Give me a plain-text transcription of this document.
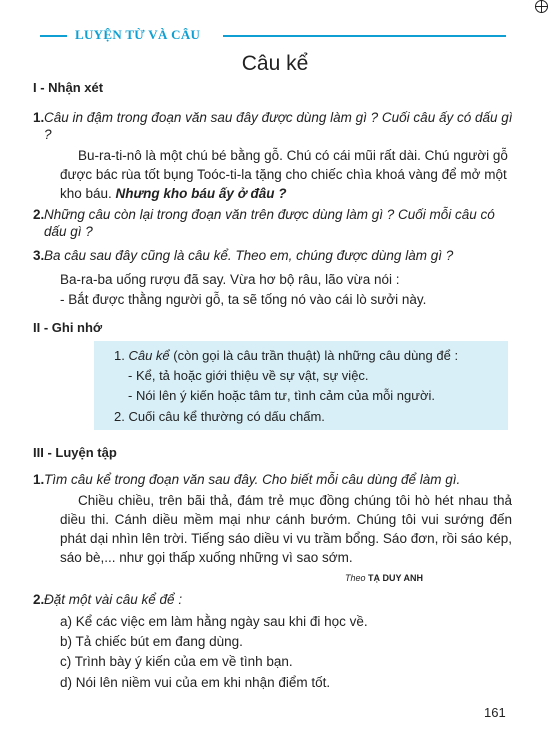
LUYỆN TỪ VÀ CÂU
Câu kể
I - Nhận xét
1. Câu in đậm trong đoạn văn sau đây được dùng làm gì ? Cuối câu ấy có dấu gì ?
Bu-ra-ti-nô là một chú bé bằng gỗ. Chú có cái mũi rất dài. Chú người gỗ được bác rùa tốt bụng Toóc-ti-la tặng cho chiếc chìa khoá vàng để mở một kho báu. Nhưng kho báu ấy ở đâu ?
2. Những câu còn lại trong đoạn văn trên được dùng làm gì ? Cuối mỗi câu có dấu gì ?
3. Ba câu sau đây cũng là câu kể. Theo em, chúng được dùng làm gì ?
Ba-ra-ba uống rượu đã say. Vừa hơ bộ râu, lão vừa nói :
- Bắt được thằng người gỗ, ta sẽ tống nó vào cái lò sưởi này.
II - Ghi nhớ
1. Câu kể (còn gọi là câu trần thuật) là những câu dùng để :
- Kể, tả hoặc giới thiệu về sự vật, sự việc.
- Nói lên ý kiến hoặc tâm tư, tình cảm của mỗi người.
2. Cuối câu kể thường có dấu chấm.
III - Luyện tập
1. Tìm câu kể trong đoạn văn sau đây. Cho biết mỗi câu dùng để làm gì.
Chiều chiều, trên bãi thả, đám trẻ mục đồng chúng tôi hò hét nhau thả diều thi. Cánh diều mềm mại như cánh bướm. Chúng tôi vui sướng đến phát dại nhìn lên trời. Tiếng sáo diều vi vu trầm bổng. Sáo đơn, rồi sáo kép, sáo bè,... như gọi thấp xuống những vì sao sớm.
Theo TẠ DUY ANH
2. Đặt một vài câu kể để :
a) Kể các việc em làm hằng ngày sau khi đi học về.
b) Tả chiếc bút em đang dùng.
c) Trình bày ý kiến của em về tình bạn.
d) Nói lên niềm vui của em khi nhận điểm tốt.
161
